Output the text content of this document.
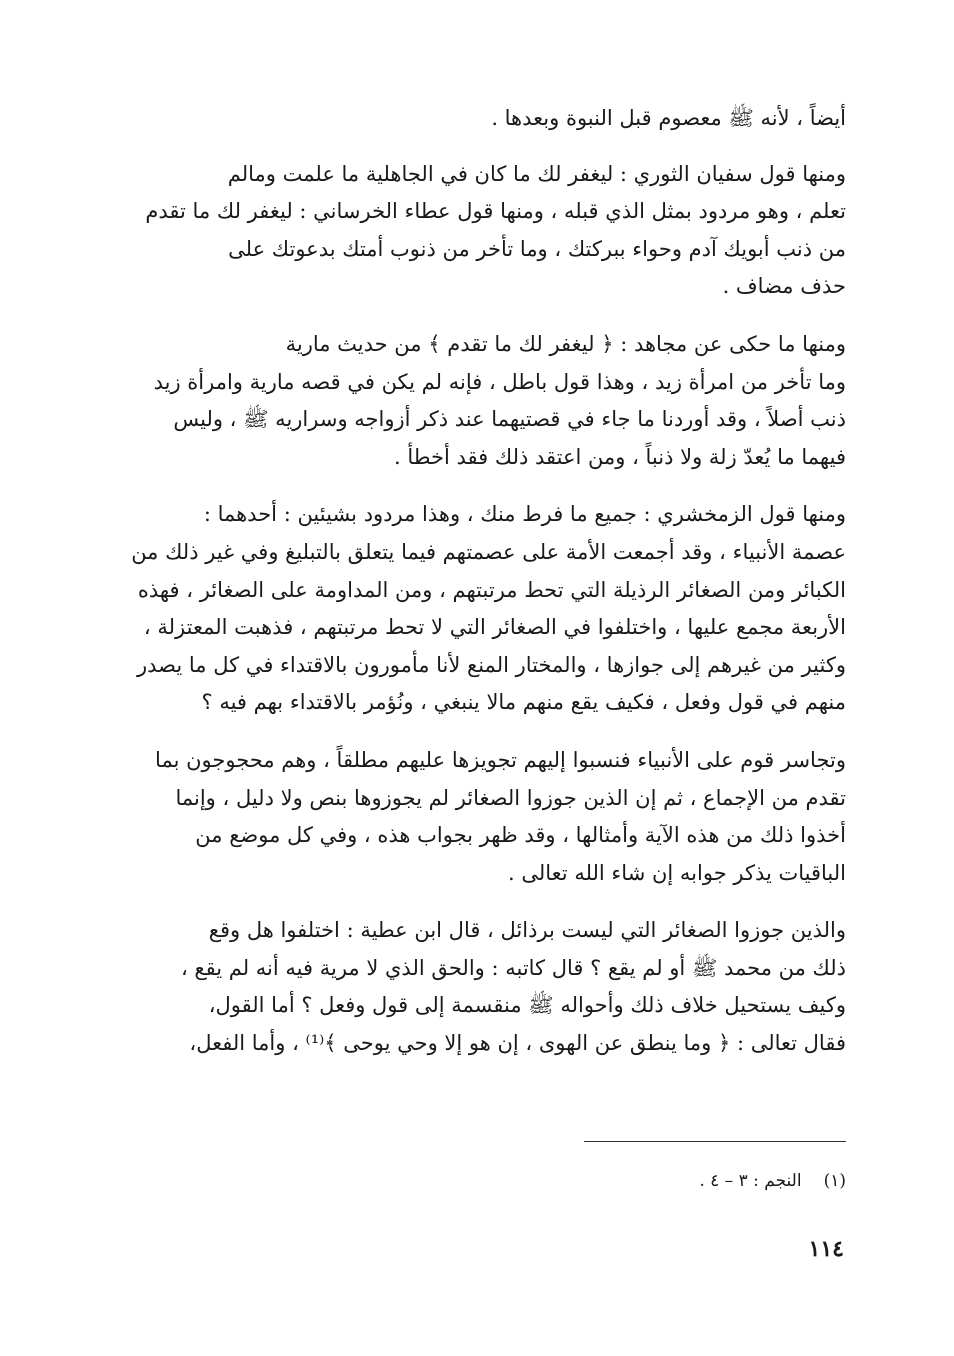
أيضاً ، لأنه ﷺ معصوم قبل النبوة وبعدها .
ومنها قول سفيان الثوري : ليغفر لك ما كان في الجاهلية ما علمت ومالم
تعلم ، وهو مردود بمثل الذي قبله ، ومنها قول عطاء الخرساني : ليغفر لك ما تقدم
من ذنب أبويك آدم وحواء ببركتك ، وما تأخر من ذنوب أمتك بدعوتك على
حذف مضاف .
ومنها ما حكى عن مجاهد : ﴿ ليغفر لك ما تقدم ﴾ من حديث مارية
وما تأخر من امرأة زيد ، وهذا قول باطل ، فإنه لم يكن في قصه مارية وامرأة زيد
ذنب أصلاً ، وقد أوردنا ما جاء في قصتيهما عند ذكر أزواجه وسراريه ﷺ ، وليس
فيهما ما يُعدّ زلة ولا ذنباً ، ومن اعتقد ذلك فقد أخطأ .
ومنها قول الزمخشري : جميع ما فرط منك ، وهذا مردود بشيئين : أحدهما :
عصمة الأنبياء ، وقد أجمعت الأمة على عصمتهم فيما يتعلق بالتبليغ وفي غير ذلك من
الكبائر ومن الصغائر الرذيلة التي تحط مرتبتهم ، ومن المداومة على الصغائر ، فهذه
الأربعة مجمع عليها ، واختلفوا في الصغائر التي لا تحط مرتبتهم ، فذهبت المعتزلة ،
وكثير من غيرهم إلى جوازها ، والمختار المنع لأنا مأمورون بالاقتداء في كل ما يصدر
منهم في قول وفعل ، فكيف يقع منهم مالا ينبغي ، ونُؤمر بالاقتداء بهم فيه ؟
وتجاسر قوم على الأنبياء فنسبوا إليهم تجويزها عليهم مطلقاً ، وهم محجوجون بما
تقدم من الإجماع ، ثم إن الذين جوزوا الصغائر لم يجوزوها بنص ولا دليل ، وإنما
أخذوا ذلك من هذه الآية وأمثالها ، وقد ظهر بجواب هذه ، وفي كل موضع من
الباقيات يذكر جوابه إن شاء الله تعالى .
والذين جوزوا الصغائر التي ليست برذائل ، قال ابن عطية : اختلفوا هل وقع
ذلك من محمد ﷺ أو لم يقع ؟ قال كاتبه : والحق الذي لا مرية فيه أنه لم يقع ،
وكيف يستحيل خلاف ذلك وأحواله ﷺ منقسمة إلى قول وفعل ؟ أما القول،
فقال تعالى : ﴿ وما ينطق عن الهوى ، إن هو إلا وحي يوحى ﴾⁽¹⁾ ، وأما الفعل،
(١)النجم : ٣ – ٤ .
١١٤
